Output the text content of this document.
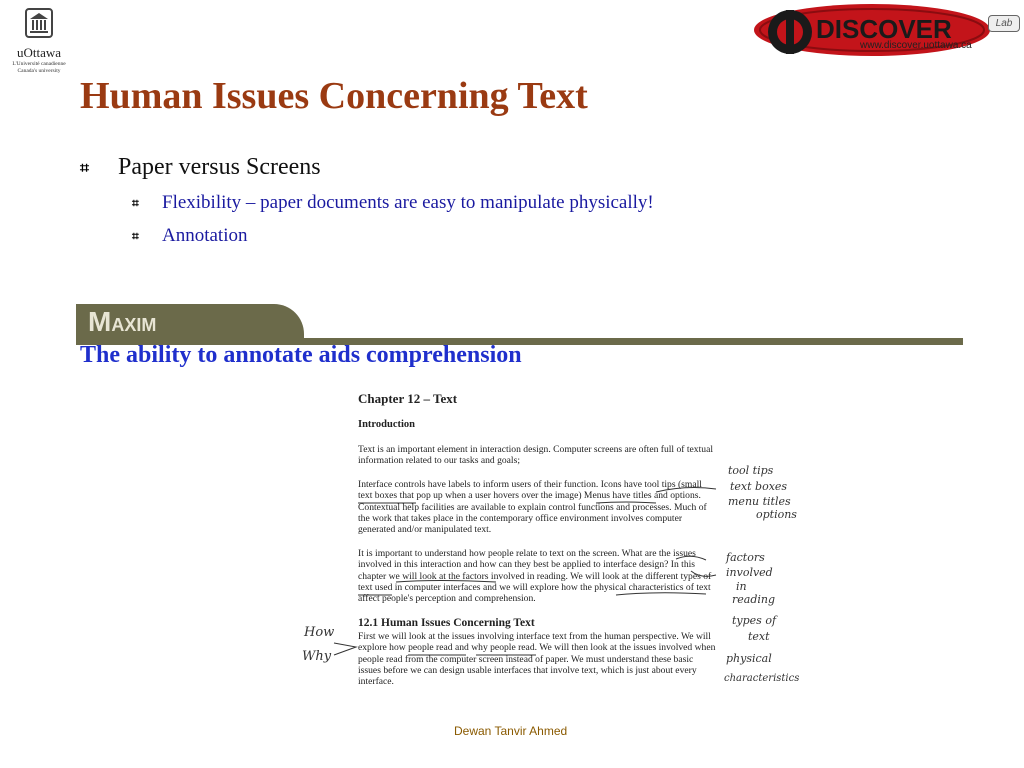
uOttawa
L'Université canadienne
Canada's university
DISCOVER	Lab
www.discover.uottawa.ca
Human Issues Concerning Text
⌗	Paper versus Screens
⌗	Flexibility – paper documents are easy to manipulate physically!
⌗	Annotation
MAXIM
The ability to annotate aids comprehension
Chapter 12 – Text
Introduction
Text is an important element in interaction design. Computer screens are often full of textual information related to our tasks and goals;
Interface controls have labels to inform users of their function. Icons have tool tips (small text boxes that pop up when a user hovers over the image) Menus have titles and options. Contextual help facilities are available to explain control functions and processes. Much of the work that takes place in the contemporary office environment involves computer generated and/or manipulated text.
It is important to understand how people relate to text on the screen. What are the issues involved in this interaction and how can they best be applied to interface design? In this chapter we will look at the factors involved in reading. We will look at the different types of text used in computer interfaces and we will explore how the physical characteristics of text affect people's perception and comprehension.
12.1 Human Issues Concerning Text
First we will look at the issues involving interface text from the human perspective. We will explore how people read and why people read. We will then look at the issues involved when people read from the computer screen instead of paper. We must understand these basic issues before we can design usable interfaces that involve text, which is just about every interface.
tool tips
text boxes
menu titles
options
factors
involved
in
reading
types of
text
physical
characteristics
How
Why
Dewan Tanvir Ahmed
